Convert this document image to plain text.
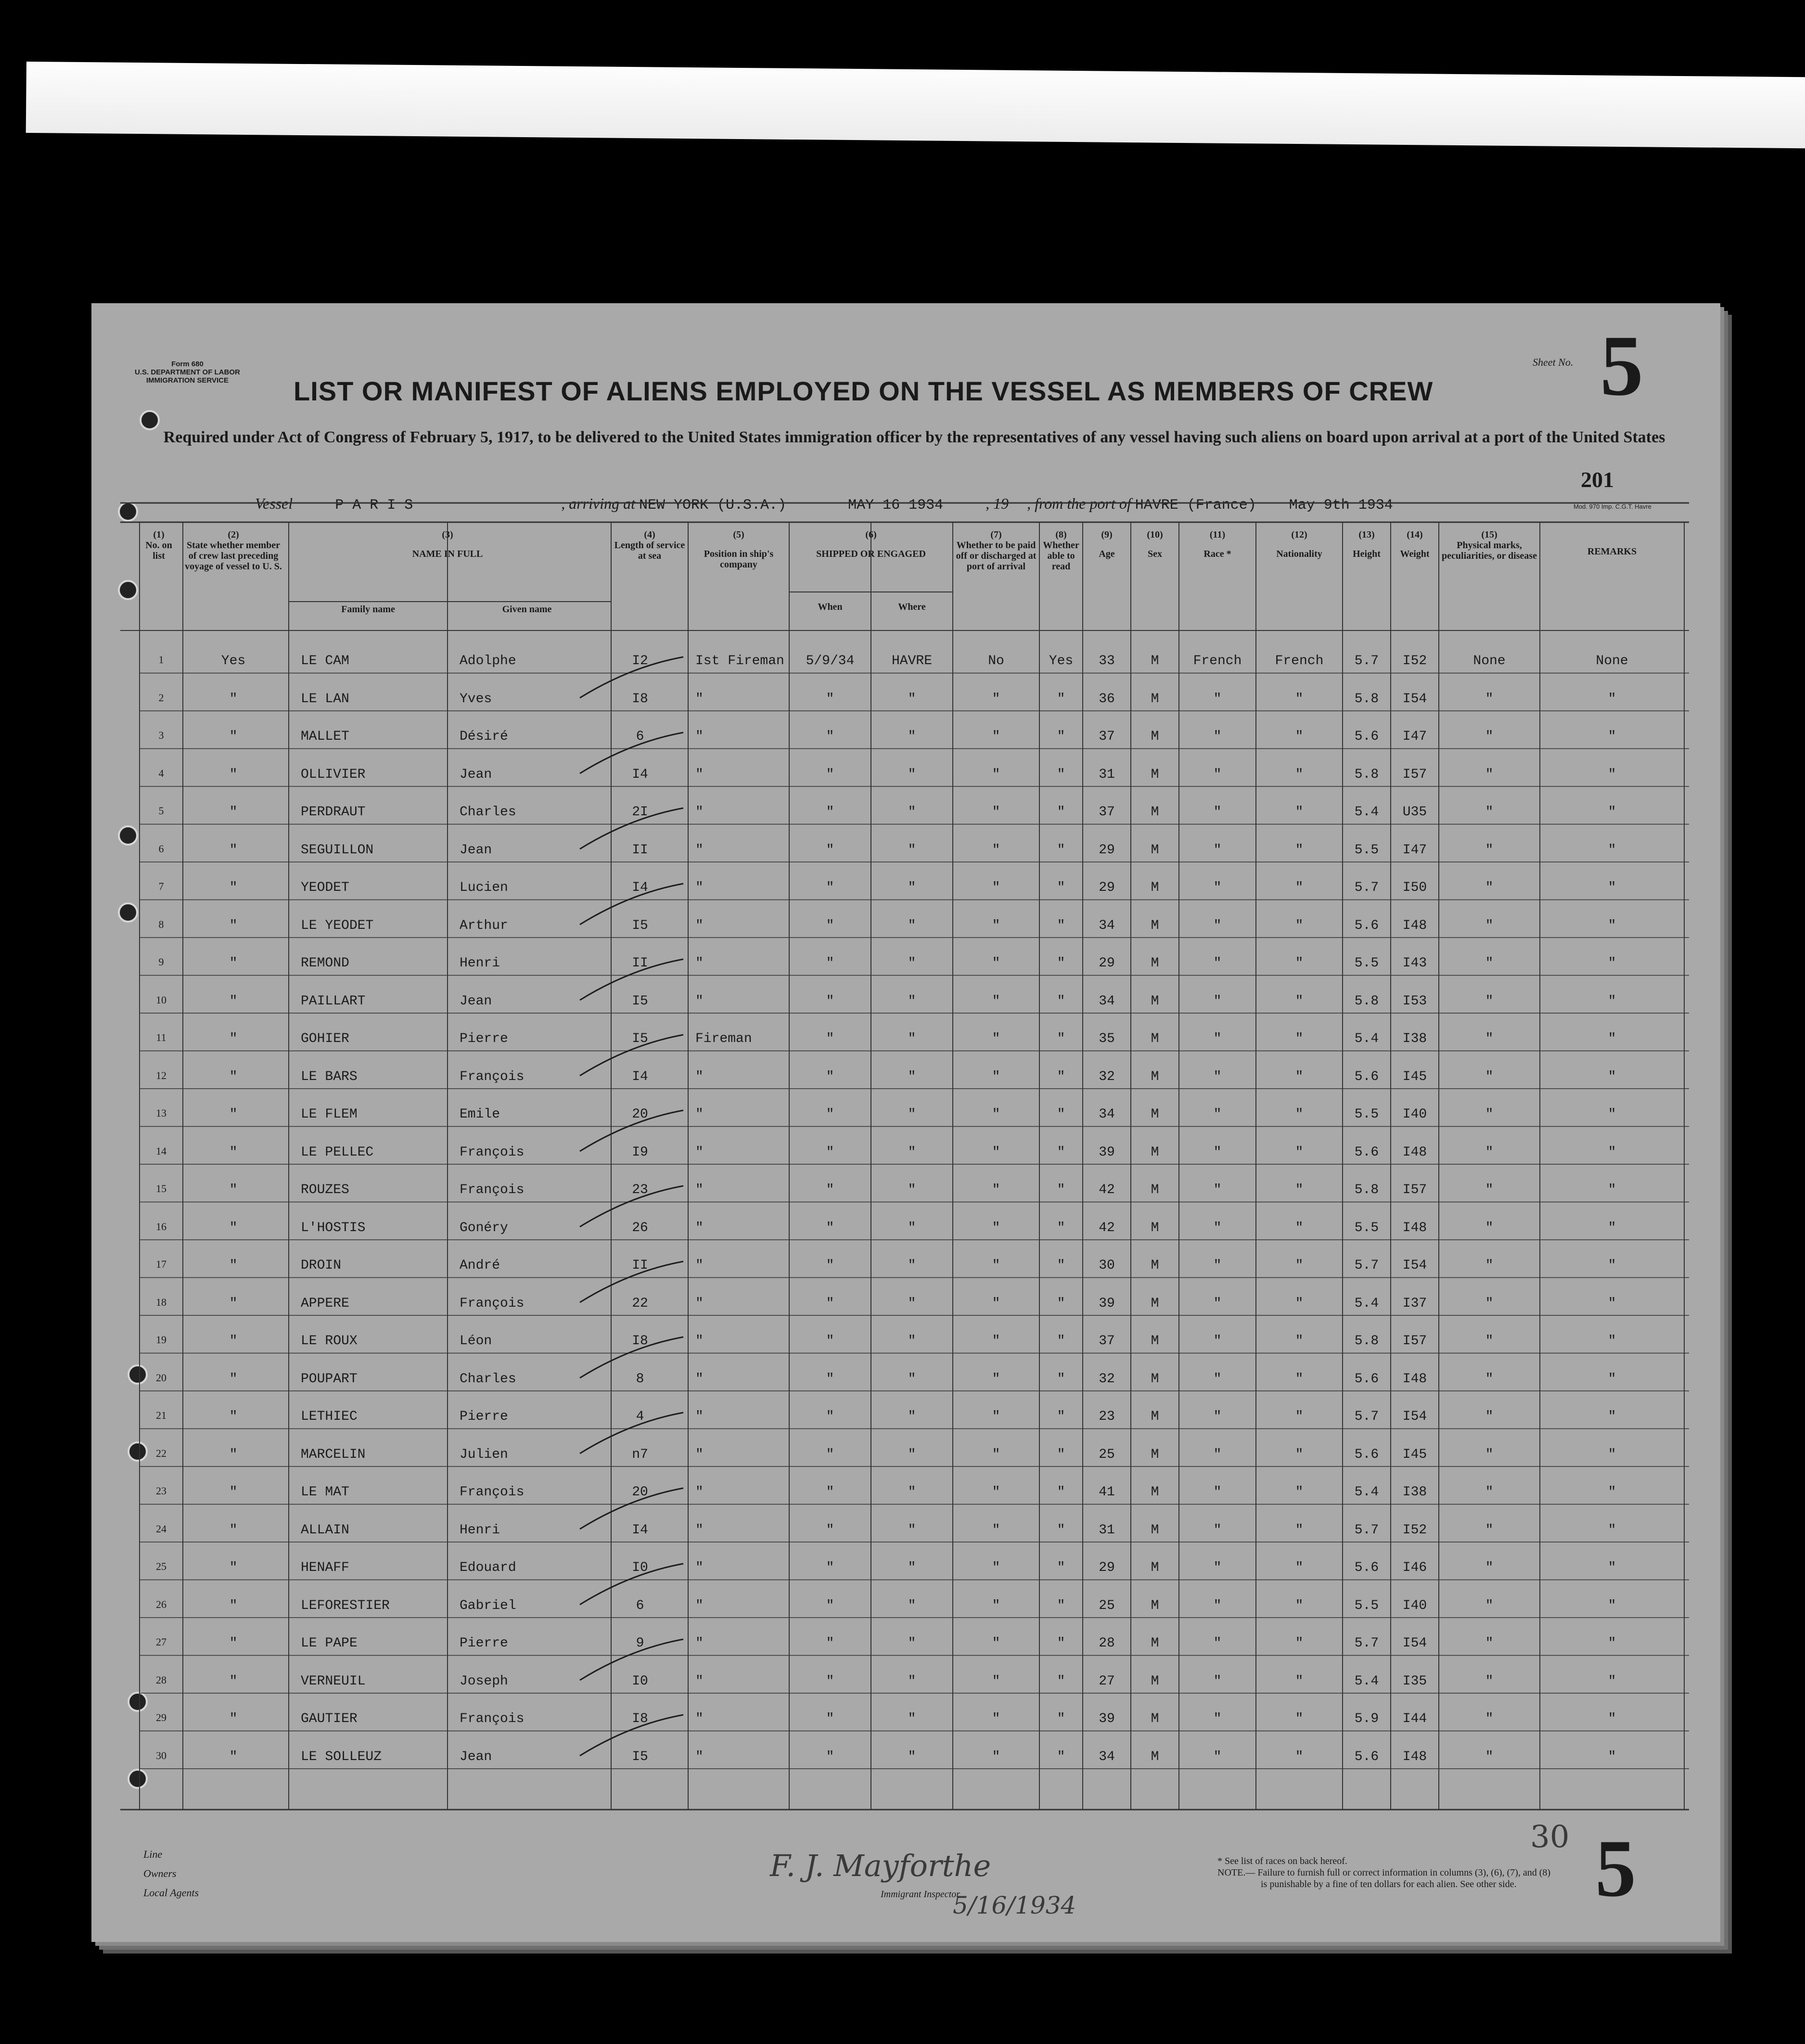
Form 680
U.S. DEPARTMENT OF LABOR
IMMIGRATION SERVICE	LIST OR MANIFEST OF ALIENS EMPLOYED ON THE VESSEL AS MEMBERS OF CREW
Sheet No. 5
Required under Act of Congress of February 5, 1917, to be delivered to the United States immigration officer by the representatives of any vessel having such aliens on board upon arrival at a port of the United States
201
Mod. 970 Imp. C.G.T. Havre
Vessel	P A R I S	, arriving at NEW YORK (U.S.A.)	MAY 16 1934	, 19 , from the port of HAVRE (France) May 9th 1934
(1)
No. on list
(2)
State whether member of crew last preceding voyage of vessel to U. S.
(3)
NAME IN FULL
Family name	Given name
(4)
Length of service at sea
(5)
Position in ship's company
(6)
SHIPPED OR ENGAGED
When	Where
(7)
Whether to be paid off or discharged at port of arrival
(8)
Whether able to read
(9)
Age
(10)
Sex
(11)
Race *
(12)
Nationality
(13)
Height
(14)
Weight
(15)
Physical marks, peculiarities, or disease	REMARKS
1	Yes	LE CAM	Adolphe	I2	Ist Fireman	5/9/34	HAVRE	No	Yes	33	M	French	French	5.7	I52	None	None
2	"	LE LAN	Yves	I8	"	"	"	"	"	36	M	"	"	5.8	I54	"	"
3	"	MALLET	Désiré	6	"	"	"	"	"	37	M	"	"	5.6	I47	"	"
4	"	OLLIVIER	Jean	I4	"	"	"	"	"	31	M	"	"	5.8	I57	"	"
5	"	PERDRAUT	Charles	2I	"	"	"	"	"	37	M	"	"	5.4	U35	"	"
6	"	SEGUILLON	Jean	II	"	"	"	"	"	29	M	"	"	5.5	I47	"	"
7	"	YEODET	Lucien	I4	"	"	"	"	"	29	M	"	"	5.7	I50	"	"
8	"	LE YEODET	Arthur	I5	"	"	"	"	"	34	M	"	"	5.6	I48	"	"
9	"	REMOND	Henri	II	"	"	"	"	"	29	M	"	"	5.5	I43	"	"
10	"	PAILLART	Jean	I5	"	"	"	"	"	34	M	"	"	5.8	I53	"	"
11	"	GOHIER	Pierre	I5	Fireman	"	"	"	"	35	M	"	"	5.4	I38	"	"
12	"	LE BARS	François	I4	"	"	"	"	"	32	M	"	"	5.6	I45	"	"
13	"	LE FLEM	Emile	20	"	"	"	"	"	34	M	"	"	5.5	I40	"	"
14	"	LE PELLEC	François	I9	"	"	"	"	"	39	M	"	"	5.6	I48	"	"
15	"	ROUZES	François	23	"	"	"	"	"	42	M	"	"	5.8	I57	"	"
16	"	L'HOSTIS	Gonéry	26	"	"	"	"	"	42	M	"	"	5.5	I48	"	"
17	"	DROIN	André	II	"	"	"	"	"	30	M	"	"	5.7	I54	"	"
18	"	APPERE	François	22	"	"	"	"	"	39	M	"	"	5.4	I37	"	"
19	"	LE ROUX	Léon	I8	"	"	"	"	"	37	M	"	"	5.8	I57	"	"
20	"	POUPART	Charles	8	"	"	"	"	"	32	M	"	"	5.6	I48	"	"
21	"	LETHIEC	Pierre	4	"	"	"	"	"	23	M	"	"	5.7	I54	"	"
22	"	MARCELIN	Julien	n7	"	"	"	"	"	25	M	"	"	5.6	I45	"	"
23	"	LE MAT	François	20	"	"	"	"	"	41	M	"	"	5.4	I38	"	"
24	"	ALLAIN	Henri	I4	"	"	"	"	"	31	M	"	"	5.7	I52	"	"
25	"	HENAFF	Edouard	I0	"	"	"	"	"	29	M	"	"	5.6	I46	"	"
26	"	LEFORESTIER	Gabriel	6	"	"	"	"	"	25	M	"	"	5.5	I40	"	"
27	"	LE PAPE	Pierre	9	"	"	"	"	"	28	M	"	"	5.7	I54	"	"
28	"	VERNEUIL	Joseph	I0	"	"	"	"	"	27	M	"	"	5.4	I35	"	"
29	"	GAUTIER	François	I8	"	"	"	"	"	39	M	"	"	5.9	I44	"	"
30	"	LE SOLLEUZ	Jean	I5	"	"	"	"	"	34	M	"	"	5.6	I48	"	"
Line
Owners
Local Agents	Immigrant Inspector.
F. J. Mayforthe
5/16/1934
30 5
* See list of races on back hereof.
NOTE.— Failure to furnish full or correct information in columns (3), (6), (7), and (8)
is punishable by a fine of ten dollars for each alien. See other side.
